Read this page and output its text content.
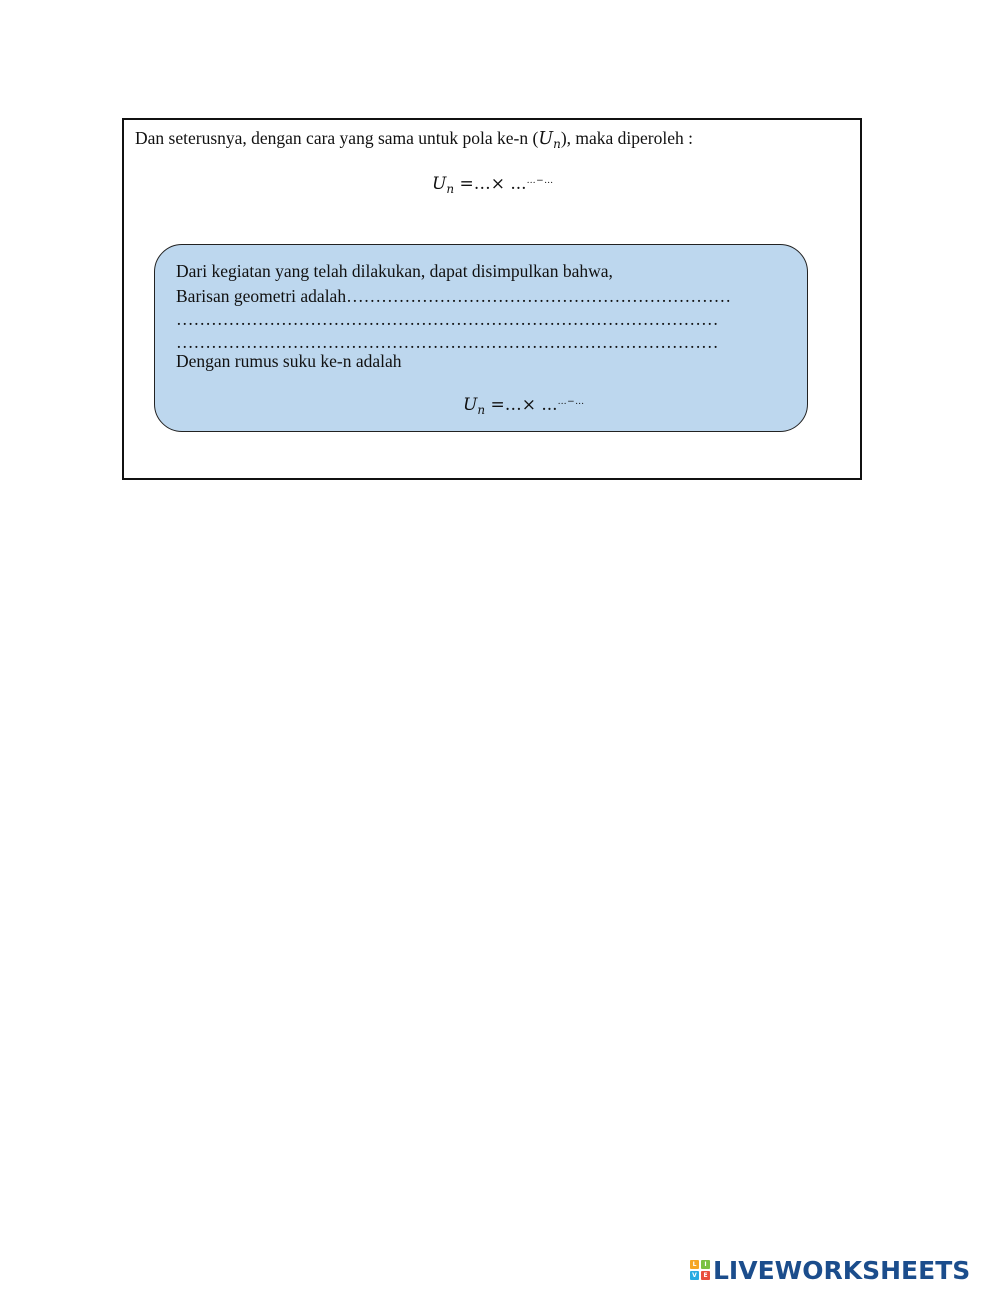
Dan seterusnya, dengan cara yang sama untuk pola ke-n $(U_n)$, maka diperoleh :
$U_n$ =…× ...…−…
Dari kegiatan yang telah dilakukan, dapat disimpulkan bahwa,
Barisan geometri adalah…………………………………………………………
…………………………………………………………………………………
…………………………………………………………………………………
Dengan rumus suku ke-n adalah
$U_n$ =…× ...…−…
L	I
V	E LIVEWORKSHEETS
